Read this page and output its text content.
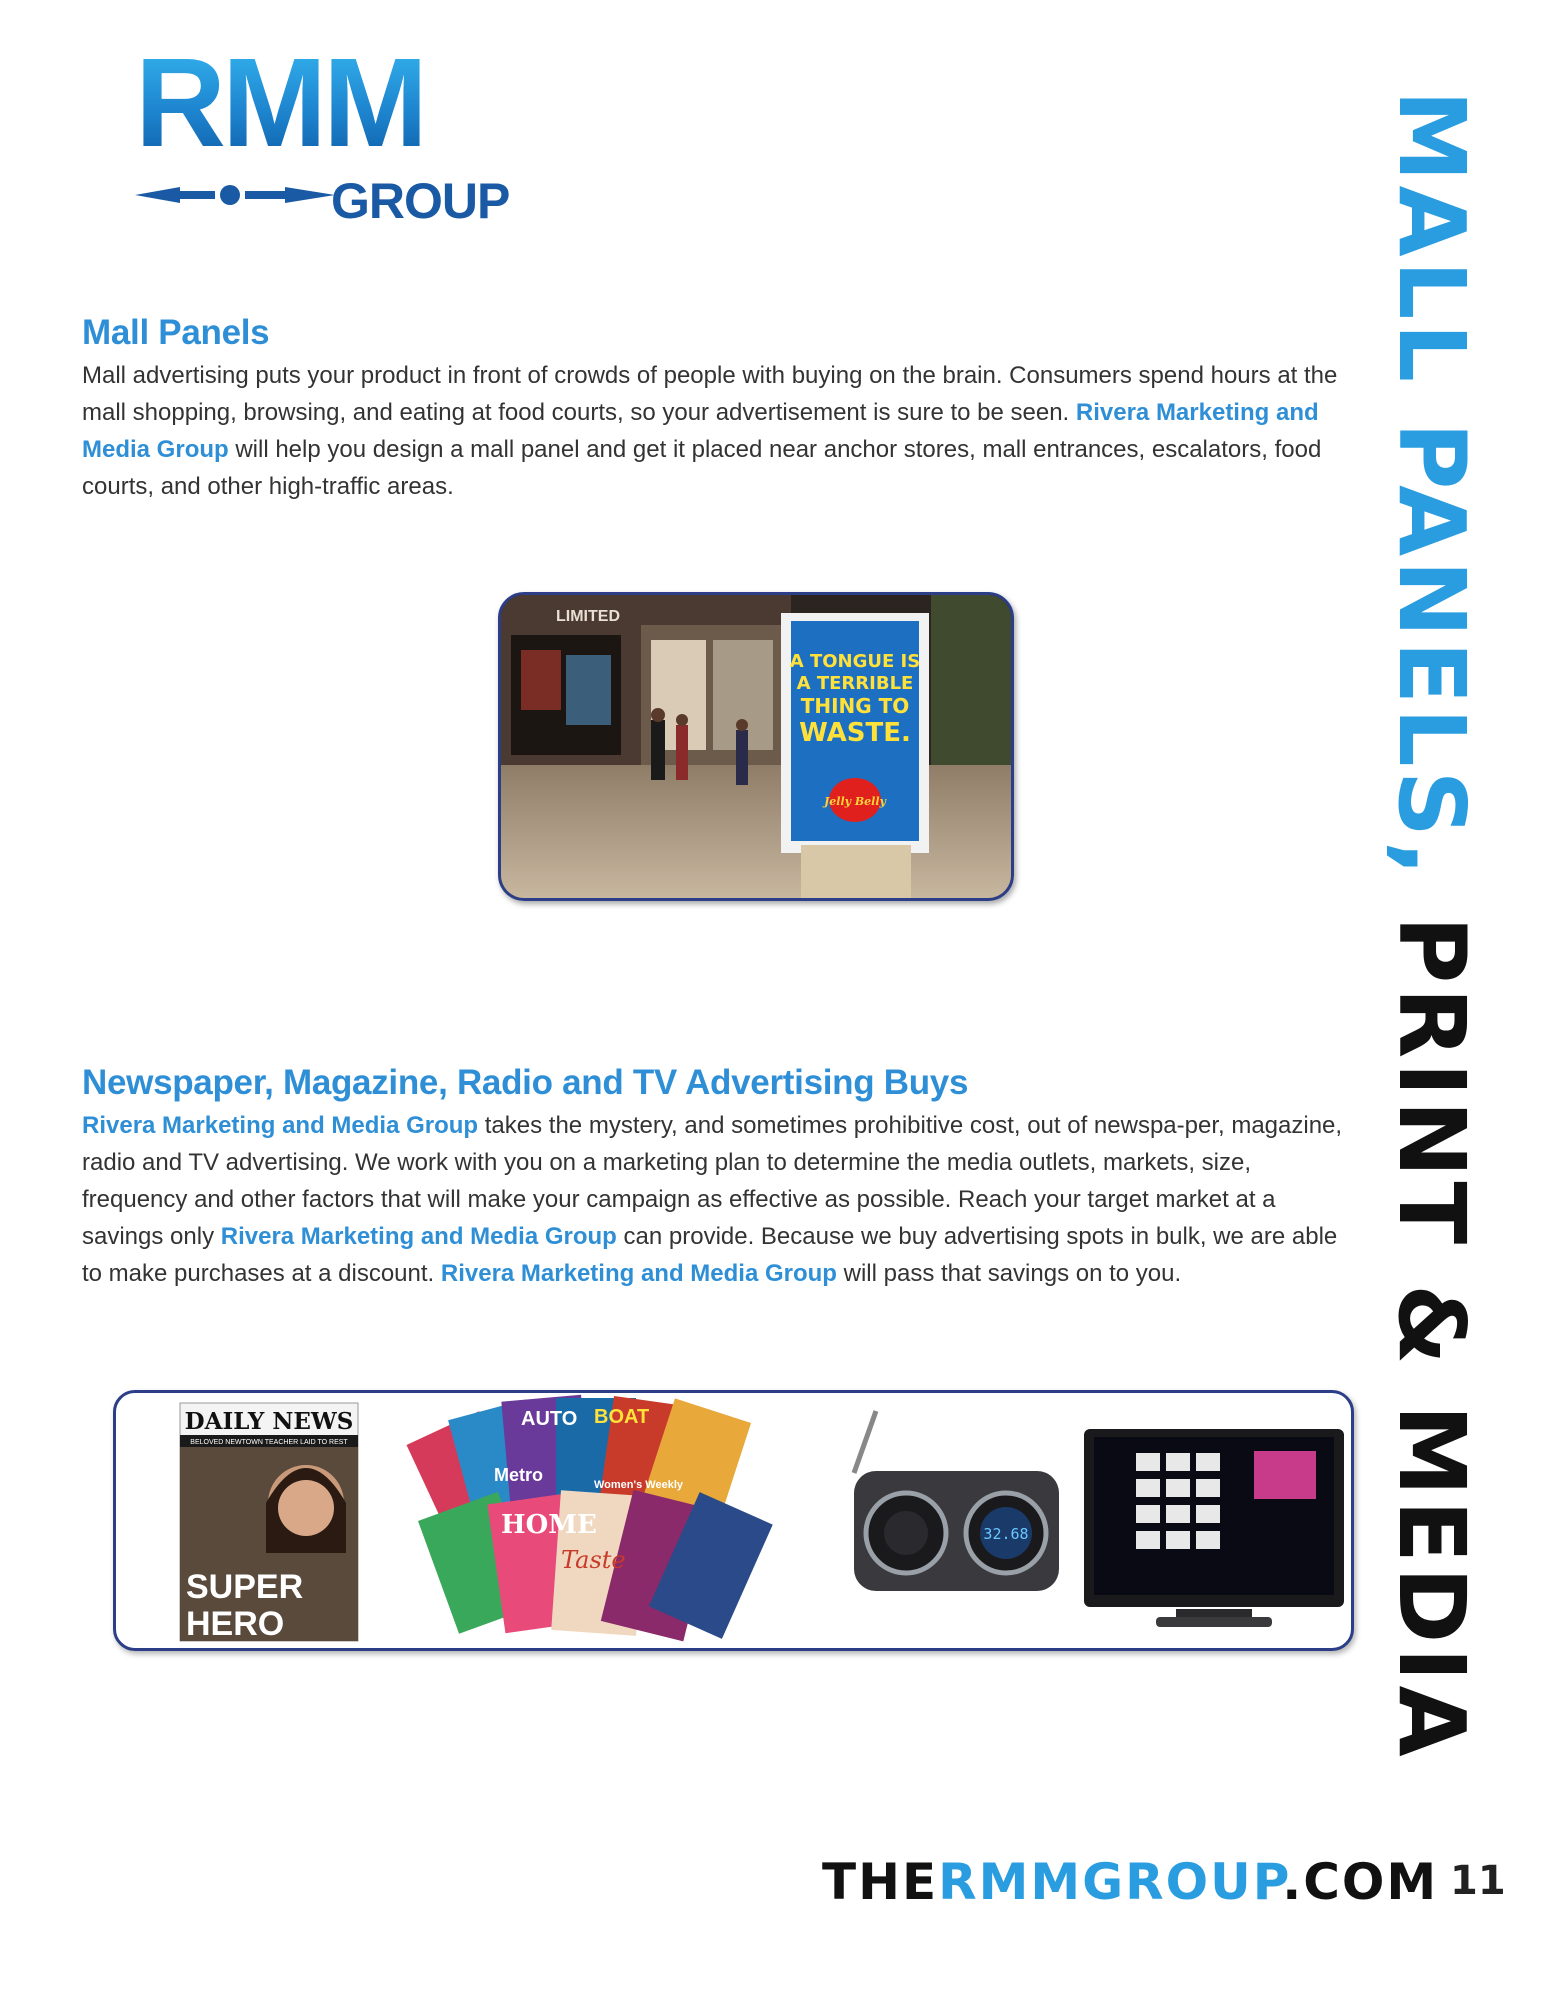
RMM
GROUP	MALL PANELS, PRINT & MEDIA
Mall Panels
Mall advertising puts your product in front of crowds of people with buying on the brain. Consumers spend hours at the mall shopping, browsing, and eating at food courts, so your advertisement is sure to be seen. Rivera Marketing and Media Group will help you design a mall panel and get it placed near anchor stores, mall entrances, escalators, food courts, and other high-traffic areas.
LIMITED
A TONGUE IS
A TERRIBLE
THING TO
WASTE.
Jelly Belly
Newspaper, Magazine, Radio and TV Advertising Buys
Rivera Marketing and Media Group takes the mystery, and sometimes prohibitive cost, out of newspa-per, magazine, radio and TV advertising. We work with you on a marketing plan to determine the media outlets, markets, size, frequency and other factors that will make your campaign as effective as possible. Reach your target market at a savings only Rivera Marketing and Media Group can provide. Because we buy advertising spots in bulk, we are able to make purchases at a discount. Rivera Marketing and Media Group will pass that savings on to you.
DAILY NEWS
BELOVED NEWTOWN TEACHER LAID TO REST
SUPER
HERO
AUTO BOAT
Metro
HOME
Taste
Women's Weekly
32.68
THERMMGROUP.COM 11
